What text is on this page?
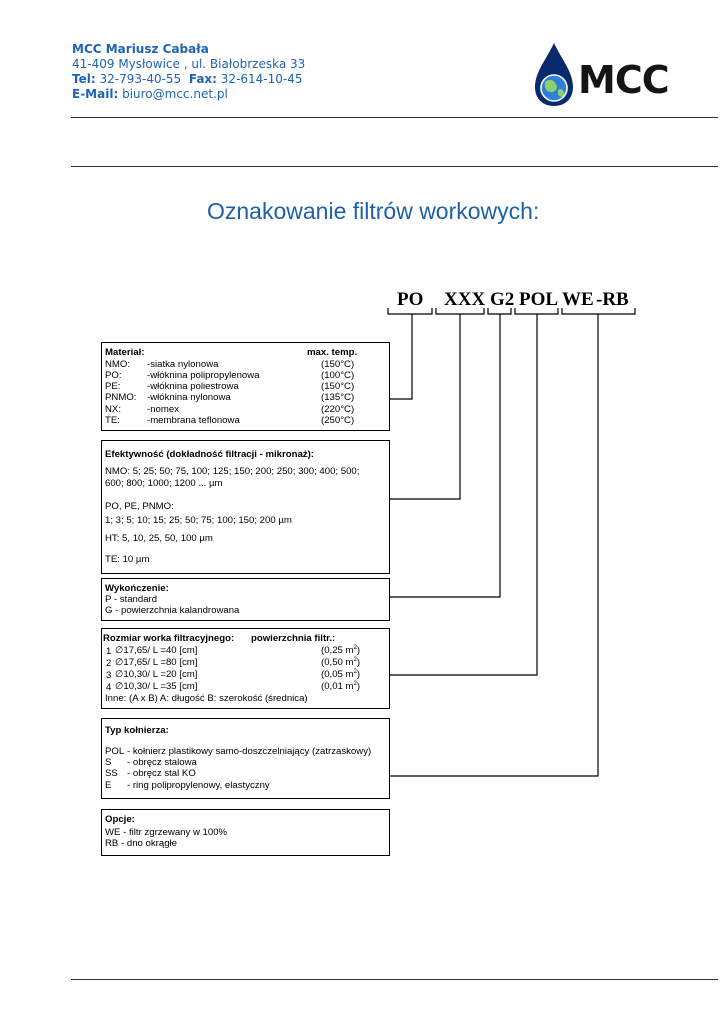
MCC Mariusz Cabała
41-409 Mysłowice , ul. Białobrzeska 33
Tel: 32-793-40-55 Fax: 32-614-10-45
E-Mail: biuro@mcc.net.pl	MCC
Oznakowanie filtrów workowych:
PO XXX G2 POL WE -RB
Materiał:	max. temp.
NMO: -siatka nylonowa	(150°C)
PO:	-włóknina polipropylenowa	(100°C)
PE:	-włóknina poliestrowa	(150°C)
PNMO: -włóknina nylonowa	(135°C)
NX:	-nomex	(220°C)
TE:	-membrana teflonowa	(250°C)
Efektywność (dokładność filtracji - mikronaż):
NMO: 5; 25; 50; 75, 100; 125; 150; 200; 250; 300; 400; 500;
600; 800; 1000; 1200 ... µm
PO, PE, PNMO:
1; 3; 5; 10; 15; 25; 50; 75; 100; 150; 200 µm
HT: 5, 10, 25, 50, 100 µm
TE: 10 µm
Wykończenie:
P - standard
G - powierzchnia kalandrowana
Rozmiar worka filtracyjnego: powierzchnia filtr.:
1 ∅17,65/ L =40 [cm]	(0,25 $m^2$)
2 ∅17,65/ L =80 [cm]	(0,50 $m^2$)
3 ∅10,30/ L =20 [cm]	(0,05 $m^2$)
4 ∅10,30/ L =35 [cm]	(0,01 $m^2$)
Inne: (A x B) A: długość B: szerokość (średnica)
Typ kołnierza:
POL - kołnierz plastikowy samo-doszczelniający (zatrzaskowy)
S - obręcz stalowa
SS - obręcz stal KO
E - ring polipropylenowy, elastyczny
Opcje:
WE - filtr zgrzewany w 100%
RB - dno okrągłe
